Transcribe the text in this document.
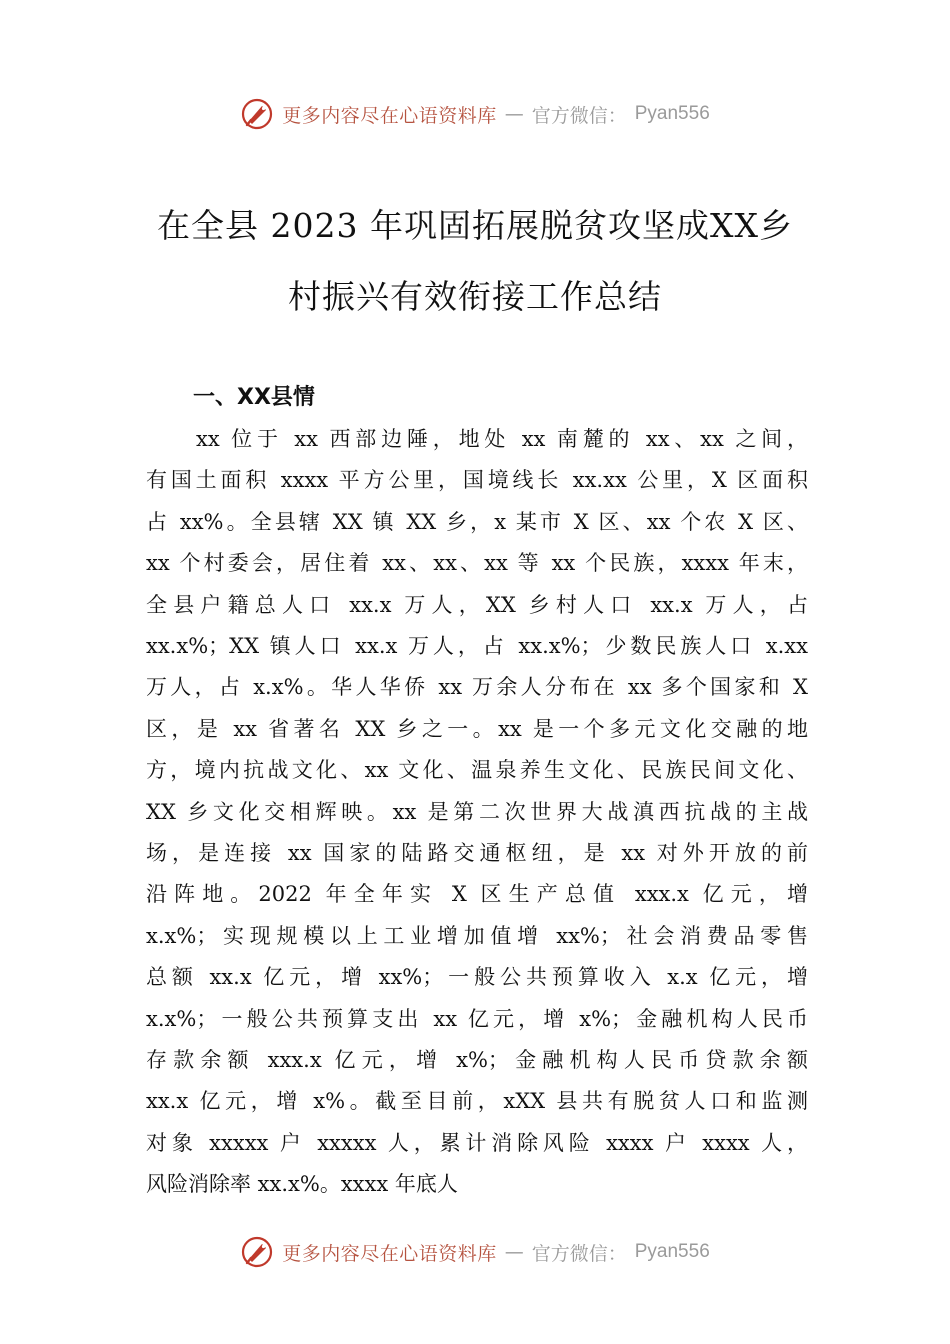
更多内容尽在心语资料库 — 官方微信： Pyan556
在全县 2023 年巩固拓展脱贫攻坚成XX乡
村振兴有效衔接工作总结
一、XX县情
xx 位于 xx 西部边陲，地处 xx 南麓的 xx、xx 之间，
有国土面积 xxxx 平方公里，国境线长 xx.xx 公里，X 区面积
占 xx%。全县辖 XX 镇 XX 乡，x 某市 X 区、xx 个农 X 区、
xx 个村委会，居住着 xx、xx、xx 等 xx 个民族，xxxx 年末，
全县户籍总人口 xx.x 万人，XX 乡村人口 xx.x 万人，占
xx.x%；XX 镇人口 xx.x 万人，占 xx.x%；少数民族人口 x.xx
万人，占 x.x%。华人华侨 xx 万余人分布在 xx 多个国家和 X
区，是 xx 省著名 XX 乡之一。xx 是一个多元文化交融的地
方，境内抗战文化、xx 文化、温泉养生文化、民族民间文化、
XX 乡文化交相辉映。xx 是第二次世界大战滇西抗战的主战
场，是连接 xx 国家的陆路交通枢纽，是 xx 对外开放的前
沿阵地。2022 年全年实 X 区生产总值 xxx.x 亿元，增
x.x%；实现规模以上工业增加值增 xx%；社会消费品零售
总额 xx.x 亿元，增 xx%；一般公共预算收入 x.x 亿元，增
x.x%；一般公共预算支出 xx 亿元，增 x%；金融机构人民币
存款余额 xxx.x 亿元，增 x%；金融机构人民币贷款余额
xx.x 亿元，增 x%。截至目前，xXX 县共有脱贫人口和监测
对象 xxxxx 户 xxxxx 人，累计消除风险 xxxx 户 xxxx 人，
风险消除率 xx.x%。xxxx 年底人
更多内容尽在心语资料库 — 官方微信： Pyan556
